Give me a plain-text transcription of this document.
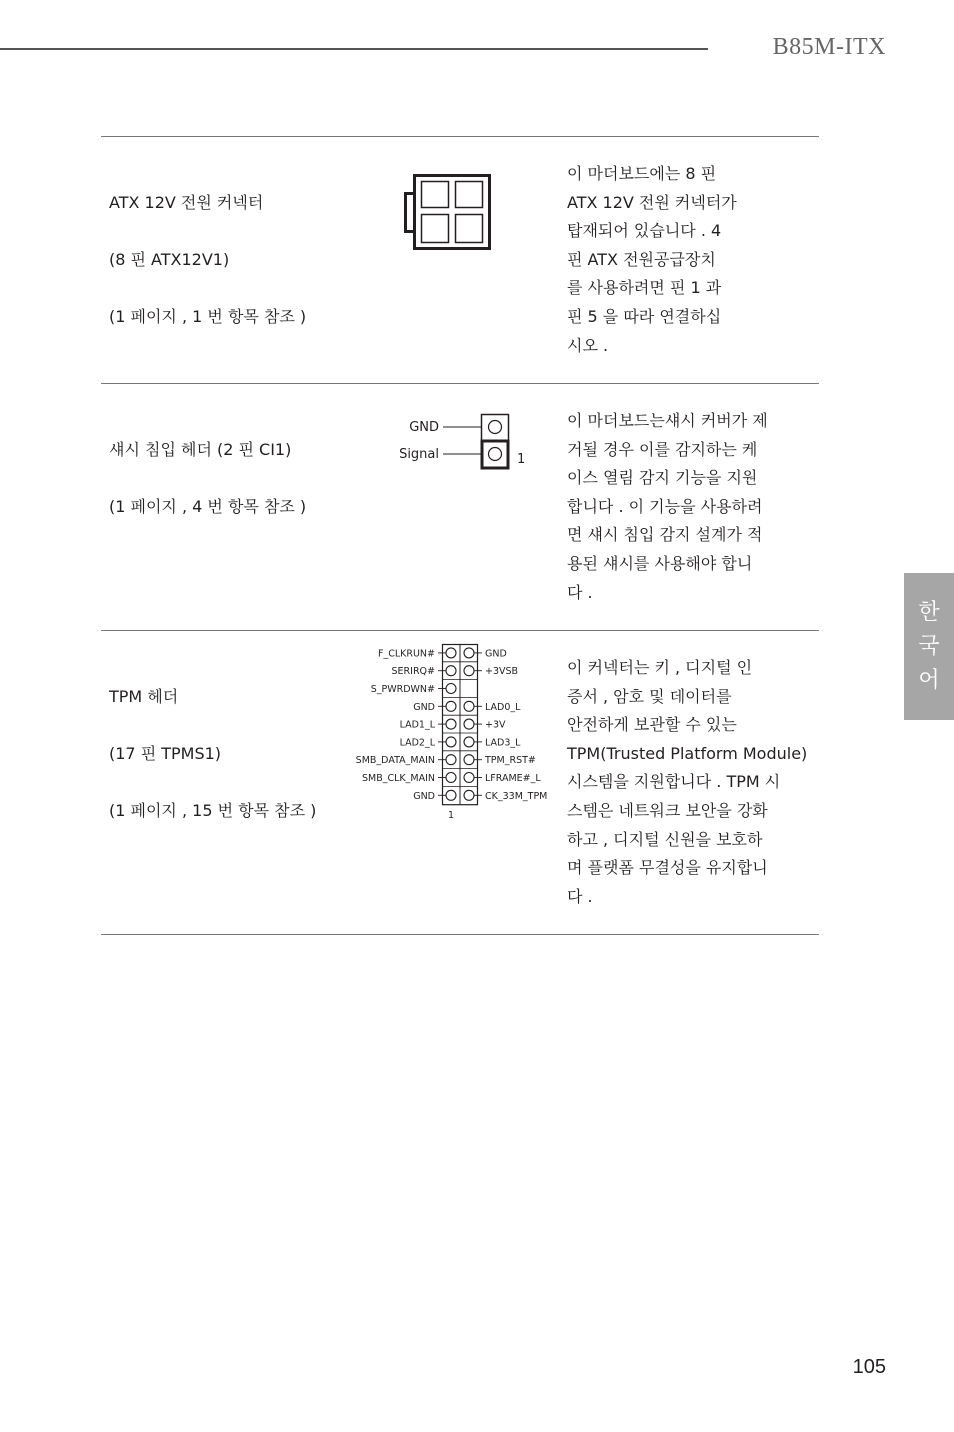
B85M-ITX

ATX 12V 전원 커넥터

(8 핀 ATX12V1)

(1 페이지 , 1 번 항목 참조 )

이 마더보드에는 8 핀
ATX 12V 전원 커넥터가
탑재되어 있습니다 . 4
핀 ATX 전원공급장치
를 사용하려면 핀 1 과
핀 5 을 따라 연결하십
시오 .

섀시 침입 헤더 (2 핀 CI1)

(1 페이지 , 4 번 항목 참조 )

GND
Signal	1
이 마더보드는섀시 커버가 제
거될 경우 이를 감지하는 케
이스 열림 감지 기능을 지원
합니다 . 이 기능을 사용하려
면 섀시 침입 감지 설계가 적
용된 섀시를 사용해야 합니
다 .

TPM 헤더

(17 핀 TPMS1)

(1 페이지 , 15 번 항목 참조 )

F_CLKRUN#	GND
SERIRQ#	+3VSB
S_PWRDWN#
GND	LAD0_L
LAD1_L	+3V
LAD2_L	LAD3_L
SMB_DATA_MAIN	TPM_RST#
SMB_CLK_MAIN	LFRAME#_L
GND	CK_33M_TPM
1
이 커넥터는 키 , 디지털 인
증서 , 암호 및 데이터를
안전하게 보관할 수 있는
TPM(Trusted Platform Module)
시스템을 지원합니다 . TPM 시
스템은 네트워크 보안을 강화
하고 , 디지털 신원을 보호하
며 플랫폼 무결성을 유지합니
다 .
한
국
어
105
